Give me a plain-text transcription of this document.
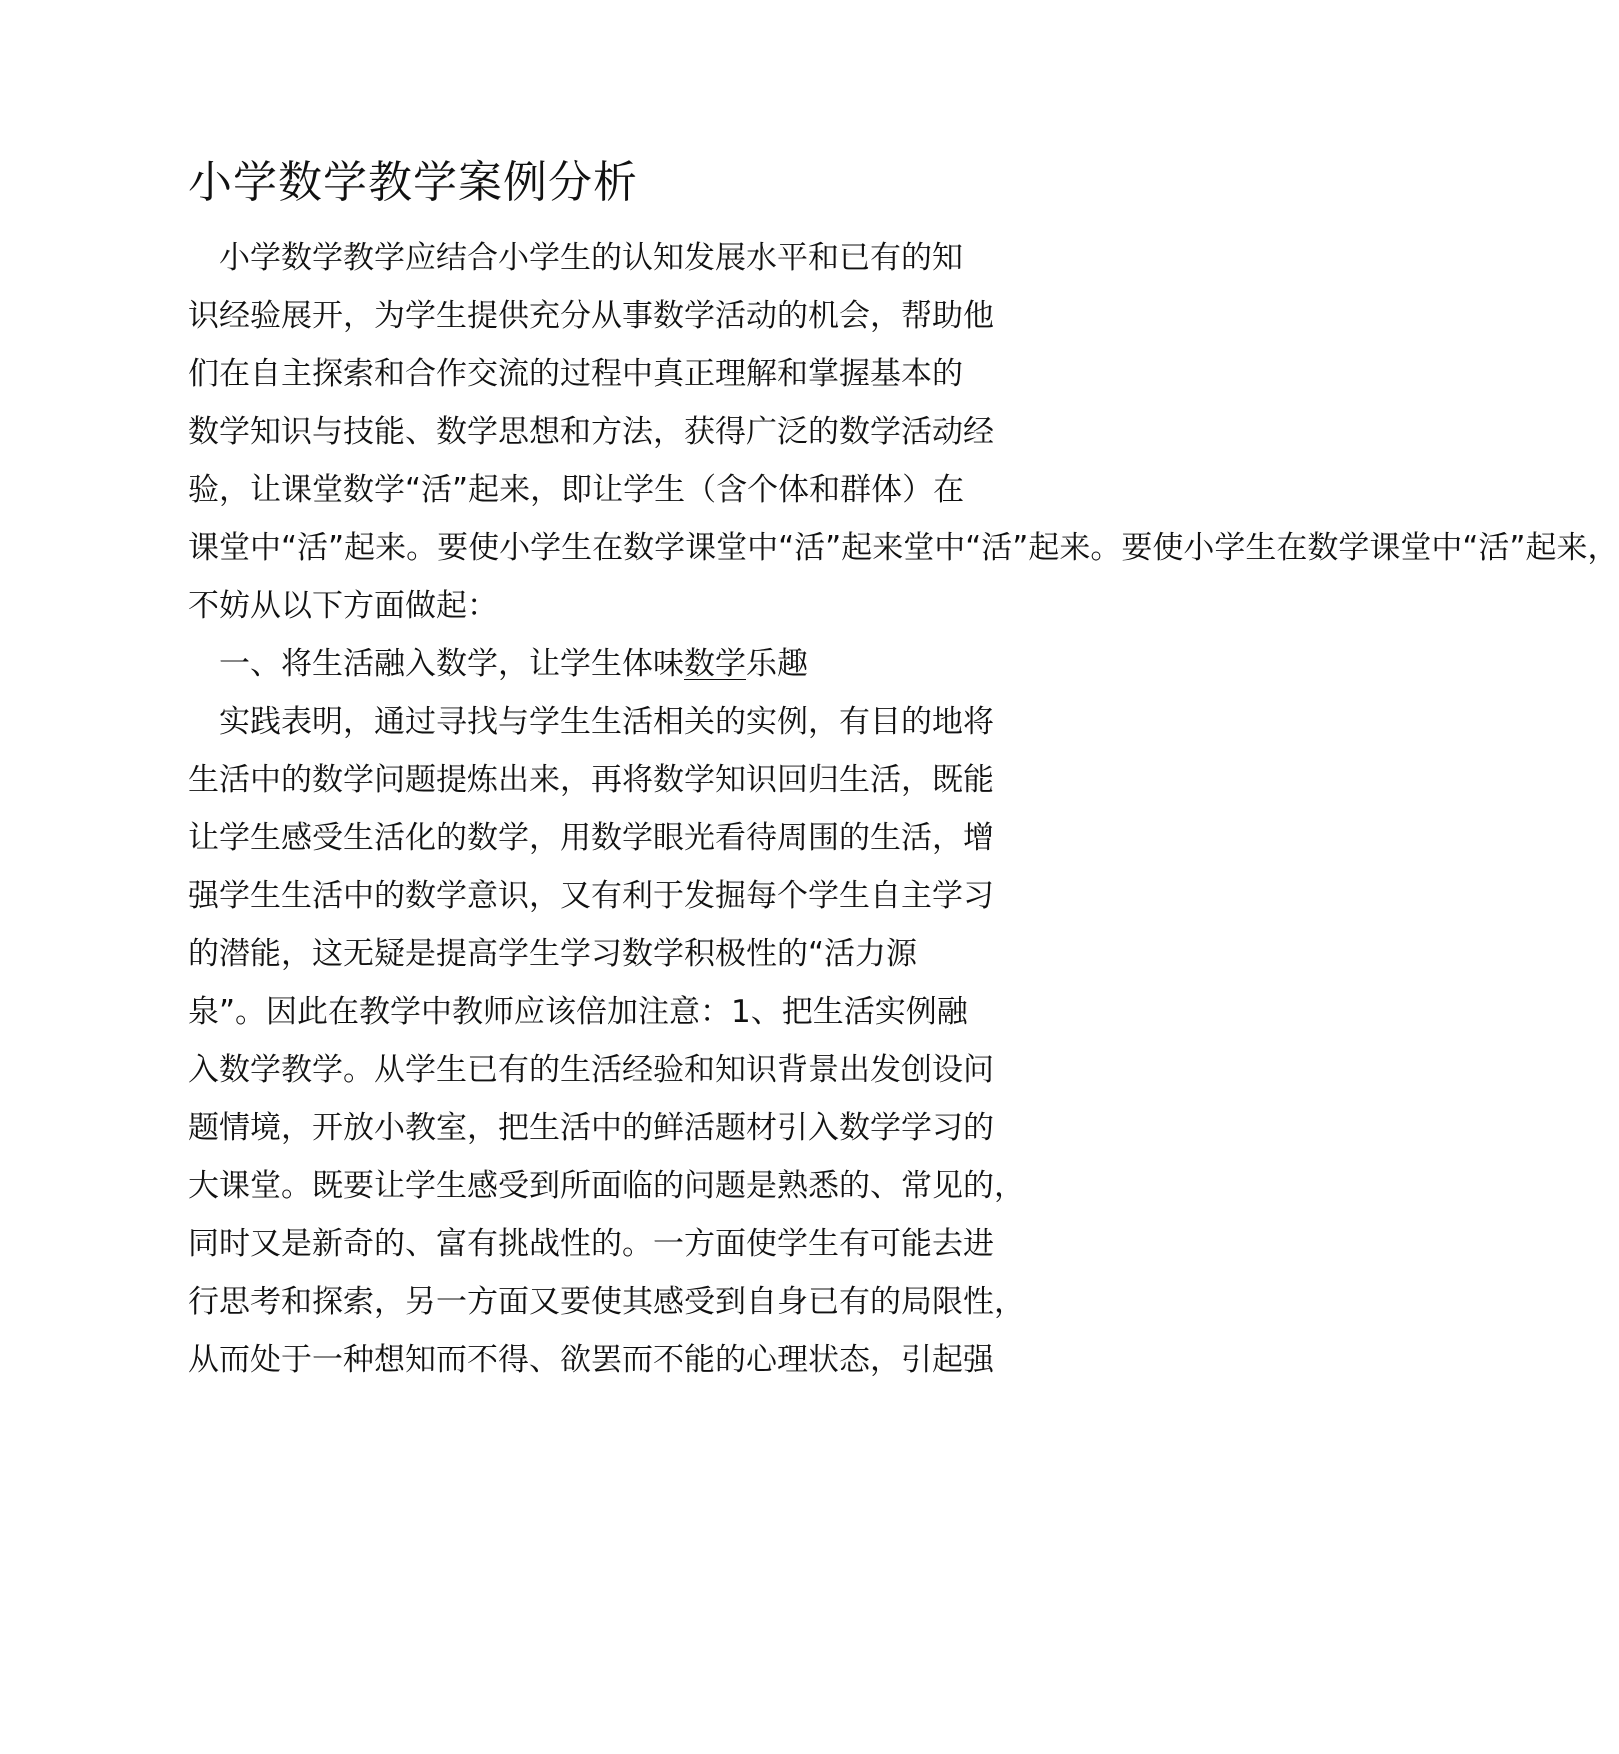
小学数学教学案例分析

　小学数学教学应结合小学生的认知发展水平和已有的知

识经验展开，为学生提供充分从事数学活动的机会，帮助他

们在自主探索和合作交流的过程中真正理解和掌握基本的

数学知识与技能、数学思想和方法，获得广泛的数学活动经

验，让课堂数学“活”起来，即让学生（含个体和群体）在

课堂中“活”起来。要使小学生在数学课堂中“活”起来堂中“活”起来。要使小学生在数学课堂中“活”起来，

不妨从以下方面做起：

　一、将生活融入数学，让学生体味数学乐趣

　实践表明，通过寻找与学生生活相关的实例，有目的地将

生活中的数学问题提炼出来，再将数学知识回归生活，既能

让学生感受生活化的数学，用数学眼光看待周围的生活，增

强学生生活中的数学意识，又有利于发掘每个学生自主学习

的潜能，这无疑是提高学生学习数学积极性的“活力源

泉”。因此在教学中教师应该倍加注意：1、把生活实例融

入数学教学。从学生已有的生活经验和知识背景出发创设问

题情境，开放小教室，把生活中的鲜活题材引入数学学习的

大课堂。既要让学生感受到所面临的问题是熟悉的、常见的，

同时又是新奇的、富有挑战性的。一方面使学生有可能去进

行思考和探索，另一方面又要使其感受到自身已有的局限性，

从而处于一种想知而不得、欲罢而不能的心理状态，引起强
